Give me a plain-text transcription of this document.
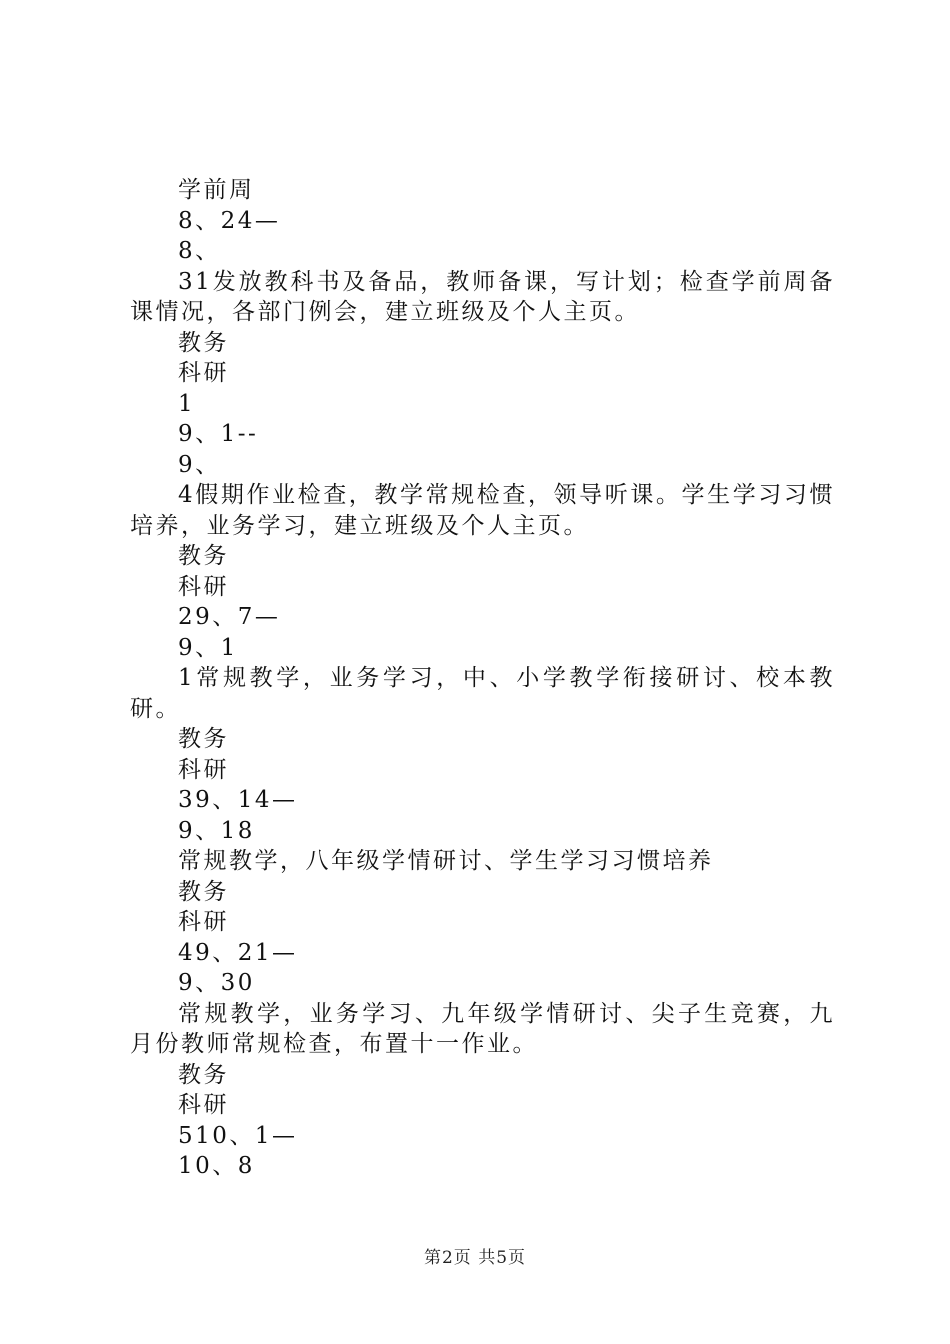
学前周
8、24—
8、
31发放教科书及备品，教师备课，写计划；检查学前周备课情况，各部门例会，建立班级及个人主页。
教务
科研
1
9、1--
9、
4假期作业检查，教学常规检查，领导听课。学生学习习惯培养，业务学习，建立班级及个人主页。
教务
科研
29、7—
9、1
1常规教学，业务学习，中、小学教学衔接研讨、校本教研。
教务
科研
39、14—
9、18
常规教学，八年级学情研讨、学生学习习惯培养
教务
科研
49、21—
9、30
常规教学，业务学习、九年级学情研讨、尖子生竞赛，九月份教师常规检查，布置十一作业。
教务
科研
510、1—
10、8
第2页 共5页
